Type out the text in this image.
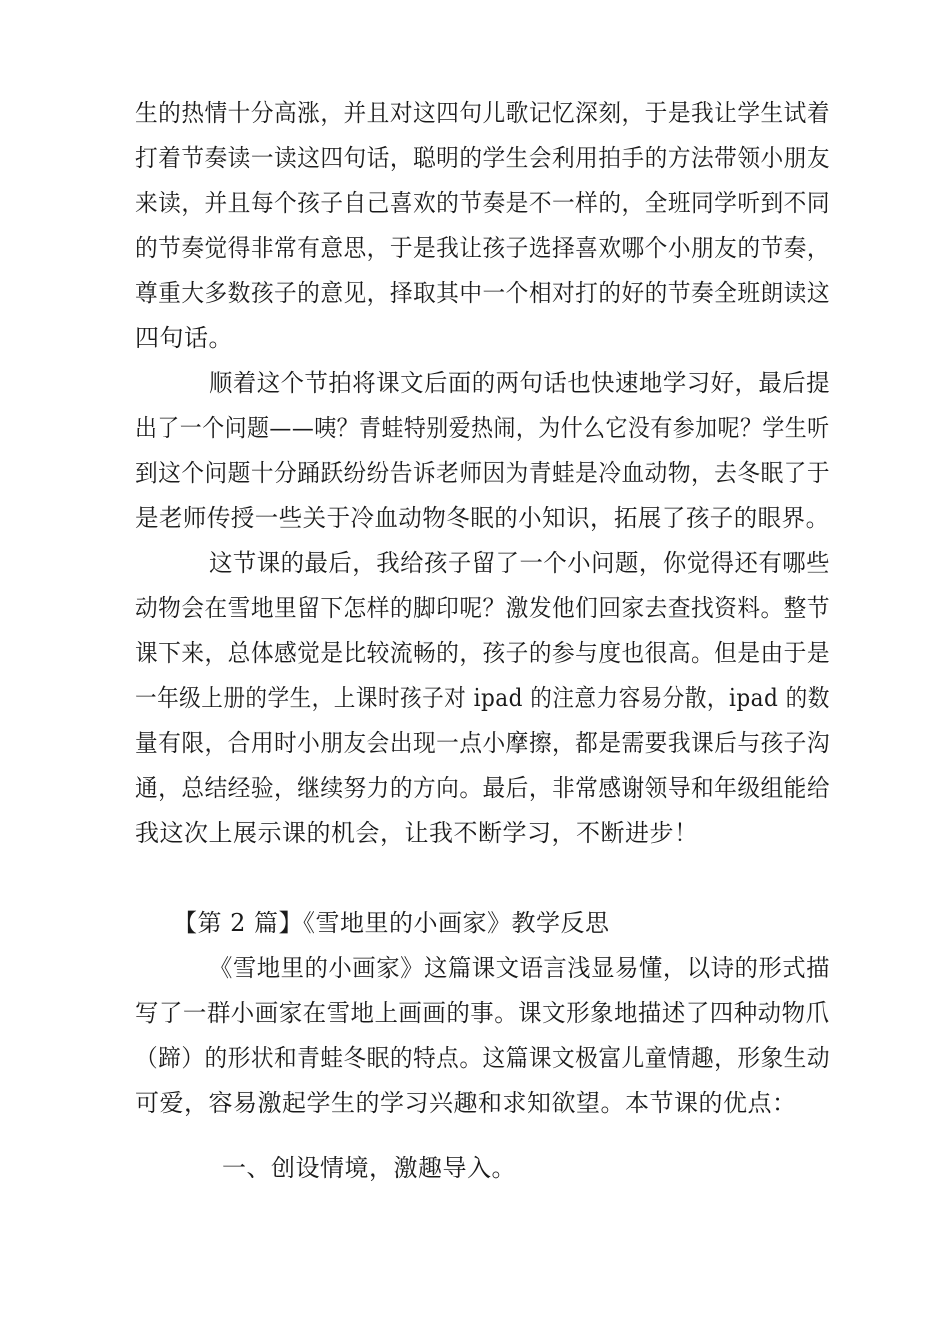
生的热情十分高涨，并且对这四句儿歌记忆深刻，于是我让学生试着
打着节奏读一读这四句话，聪明的学生会利用拍手的方法带领小朋友
来读，并且每个孩子自己喜欢的节奏是不一样的，全班同学听到不同
的节奏觉得非常有意思，于是我让孩子选择喜欢哪个小朋友的节奏，
尊重大多数孩子的意见，择取其中一个相对打的好的节奏全班朗读这
四句话。
顺着这个节拍将课文后面的两句话也快速地学习好，最后提
出了一个问题——咦？青蛙特别爱热闹，为什么它没有参加呢？学生听
到这个问题十分踊跃纷纷告诉老师因为青蛙是冷血动物，去冬眠了于
是老师传授一些关于冷血动物冬眠的小知识，拓展了孩子的眼界。
这节课的最后，我给孩子留了一个小问题，你觉得还有哪些
动物会在雪地里留下怎样的脚印呢？激发他们回家去查找资料。整节
课下来，总体感觉是比较流畅的，孩子的参与度也很高。但是由于是
一年级上册的学生，上课时孩子对 ipad 的注意力容易分散，ipad 的数
量有限，合用时小朋友会出现一点小摩擦，都是需要我课后与孩子沟
通，总结经验，继续努力的方向。最后，非常感谢领导和年级组能给
我这次上展示课的机会，让我不断学习，不断进步！
【第 2 篇】《雪地里的小画家》教学反思
《雪地里的小画家》这篇课文语言浅显易懂，以诗的形式描
写了一群小画家在雪地上画画的事。课文形象地描述了四种动物爪
（蹄）的形状和青蛙冬眠的特点。这篇课文极富儿童情趣，形象生动
可爱，容易激起学生的学习兴趣和求知欲望。本节课的优点：
一、创设情境，激趣导入。
